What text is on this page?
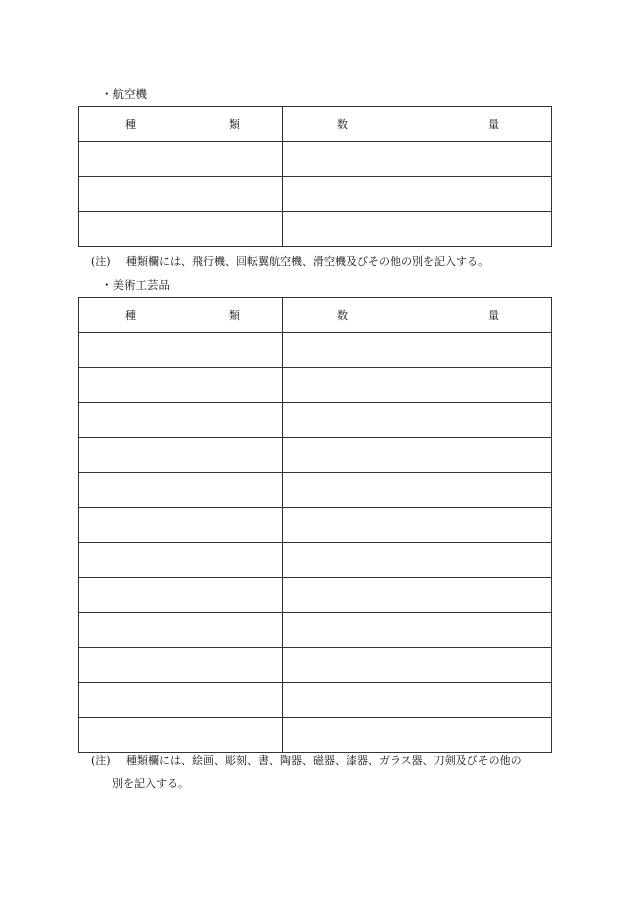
・航空機
種 類	数 量

(注) 種類欄には、飛行機、回転翼航空機、滑空機及びその他の別を記入する。
・美術工芸品
種 類	数 量

(注) 種類欄には、絵画、彫刻、書、陶器、磁器、漆器、ガラス器、刀剣及びその他の
別を記入する。
